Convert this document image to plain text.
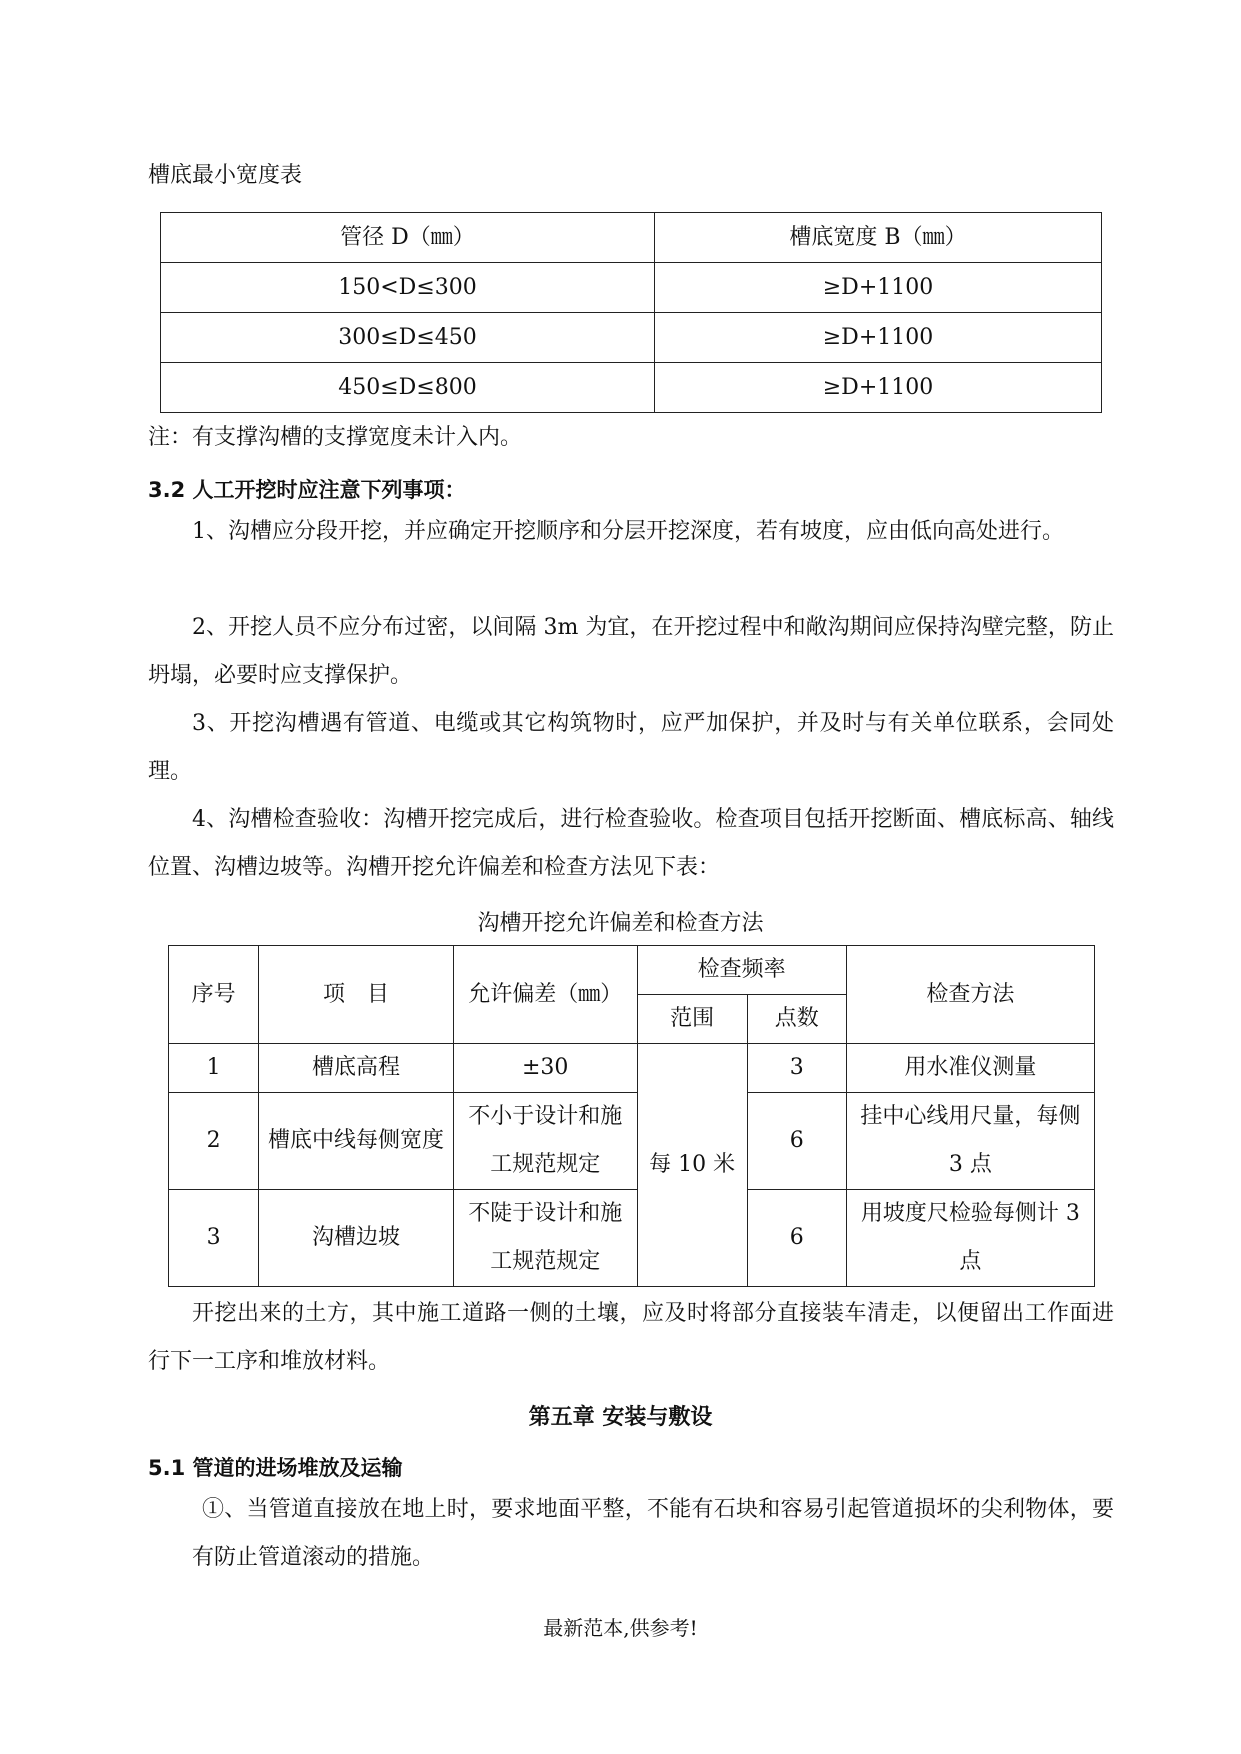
槽底最小宽度表
管径 D（㎜）	槽底宽度 B（㎜）
150<D≤300	≥D+1100
300≤D≤450	≥D+1100
450≤D≤800	≥D+1100
注：有支撑沟槽的支撑宽度未计入内。
3.2 人工开挖时应注意下列事项：
1、沟槽应分段开挖，并应确定开挖顺序和分层开挖深度，若有坡度，应由低向高处进行。
2、开挖人员不应分布过密，以间隔 3m 为宜，在开挖过程中和敞沟期间应保持沟壁完整，防止坍塌，必要时应支撑保护。
3、开挖沟槽遇有管道、电缆或其它构筑物时，应严加保护，并及时与有关单位联系，会同处理。
4、沟槽检查验收：沟槽开挖完成后，进行检查验收。检查项目包括开挖断面、槽底标高、轴线位置、沟槽边坡等。沟槽开挖允许偏差和检查方法见下表：
沟槽开挖允许偏差和检查方法
序号	项　目	允许偏差（㎜）	检查频率		检查方法
			范围	点数	
1	槽底高程	±30	每 10 米	3	用水准仪测量
2	槽底中线每侧宽度	不小于设计和施工规范规定		6	挂中心线用尺量，每侧 3 点
3	沟槽边坡	不陡于设计和施工规范规定		6	用坡度尺检验每侧计 3 点
开挖出来的土方，其中施工道路一侧的土壤，应及时将部分直接装车清走，以便留出工作面进行下一工序和堆放材料。
第五章 安装与敷设
5.1 管道的进场堆放及运输
①、当管道直接放在地上时，要求地面平整，不能有石块和容易引起管道损坏的尖利物体，要有防止管道滚动的措施。
最新范本,供参考!
